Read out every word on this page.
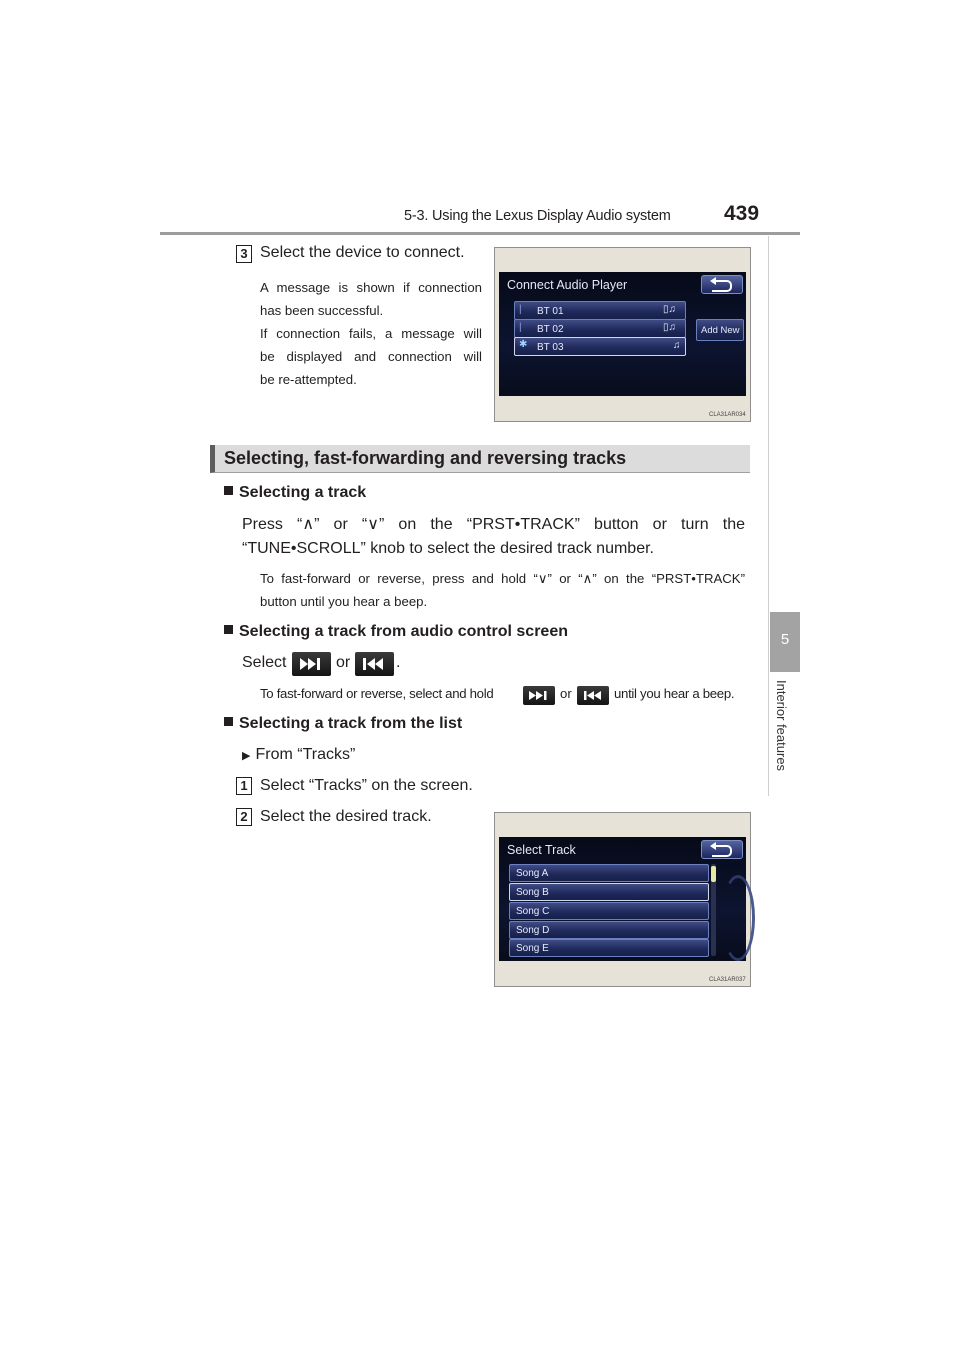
5-3. Using the Lexus Display Audio system	439
5
Interior features
3 Select the device to connect.
A message is shown if connection
has been successful.
If connection fails, a message will
be displayed and connection will
be re-attempted.
Connect Audio Player
| BT 01	▯♫
| BT 02	▯♫
✱ BT 03	♫
Add New
CLA31AR034
Selecting, fast-forwarding and reversing tracks
Selecting a track
Press “∧” or “∨” on the “PRST•TRACK” button or turn the
“TUNE•SCROLL” knob to select the desired track number.
To fast-forward or reverse, press and hold “∨” or “∧” on the “PRST•TRACK”
button until you hear a beep.
Selecting a track from audio control screen
Select	or	.
To fast-forward or reverse, select and hold	or	until you hear a beep.
Selecting a track from the list
▶ From “Tracks”
1 Select “Tracks” on the screen.
2 Select the desired track.
Select Track
Song A
Song B
Song C
Song D
Song E
CLA31AR037
